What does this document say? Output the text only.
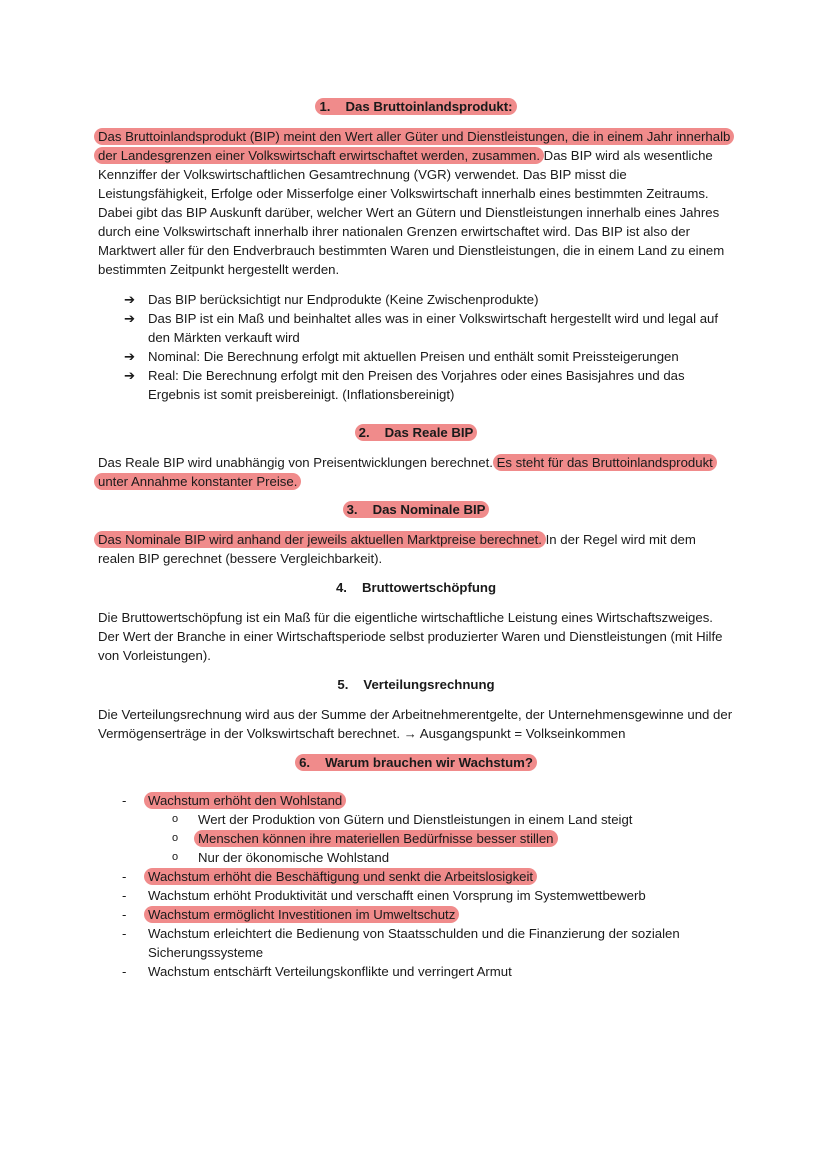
1. Das Bruttoinlandsprodukt:

Das Bruttoinlandsprodukt (BIP) meint den Wert aller Güter und Dienstleistungen, die in einem Jahr innerhalb der Landesgrenzen einer Volkswirtschaft erwirtschaftet werden, zusammen. Das BIP wird als wesentliche Kennziffer der Volkswirtschaftlichen Gesamtrechnung (VGR) verwendet. Das BIP misst die Leistungsfähigkeit, Erfolge oder Misserfolge einer Volkswirtschaft innerhalb eines bestimmten Zeitraums. Dabei gibt das BIP Auskunft darüber, welcher Wert an Gütern und Dienstleistungen innerhalb eines Jahres durch eine Volkswirtschaft innerhalb ihrer nationalen Grenzen erwirtschaftet wird. Das BIP ist also der Marktwert aller für den Endverbrauch bestimmten Waren und Dienstleistungen, die in einem Land zu einem bestimmten Zeitpunkt hergestellt werden.

➔ Das BIP berücksichtigt nur Endprodukte (Keine Zwischenprodukte)
➔ Das BIP ist ein Maß und beinhaltet alles was in einer Volkswirtschaft hergestellt wird und legal auf den Märkten verkauft wird
➔ Nominal: Die Berechnung erfolgt mit aktuellen Preisen und enthält somit Preissteigerungen
➔ Real: Die Berechnung erfolgt mit den Preisen des Vorjahres oder eines Basisjahres und das Ergebnis ist somit preisbereinigt. (Inflationsbereinigt)
2. Das Reale BIP

Das Reale BIP wird unabhängig von Preisentwicklungen berechnet. Es steht für das Bruttoinlandsprodukt unter Annahme konstanter Preise.

3. Das Nominale BIP

Das Nominale BIP wird anhand der jeweils aktuellen Marktpreise berechnet. In der Regel wird mit dem realen BIP gerechnet (bessere Vergleichbarkeit).

4. Bruttowertschöpfung

Die Bruttowertschöpfung ist ein Maß für die eigentliche wirtschaftliche Leistung eines Wirtschaftszweiges. Der Wert der Branche in einer Wirtschaftsperiode selbst produzierter Waren und Dienstleistungen (mit Hilfe von Vorleistungen).

5. Verteilungsrechnung

Die Verteilungsrechnung wird aus der Summe der Arbeitnehmerentgelte, der Unternehmensgewinne und der Vermögenserträge in der Volkswirtschaft berechnet. → Ausgangspunkt = Volkseinkommen

6. Warum brauchen wir Wachstum?
- Wachstum erhöht den Wohlstand
o Wert der Produktion von Gütern und Dienstleistungen in einem Land steigt
o Menschen können ihre materiellen Bedürfnisse besser stillen
o Nur der ökonomische Wohlstand
- Wachstum erhöht die Beschäftigung und senkt die Arbeitslosigkeit
- Wachstum erhöht Produktivität und verschafft einen Vorsprung im Systemwettbewerb
- Wachstum ermöglicht Investitionen im Umweltschutz
- Wachstum erleichtert die Bedienung von Staatsschulden und die Finanzierung der sozialen Sicherungssysteme
- Wachstum entschärft Verteilungskonflikte und verringert Armut
